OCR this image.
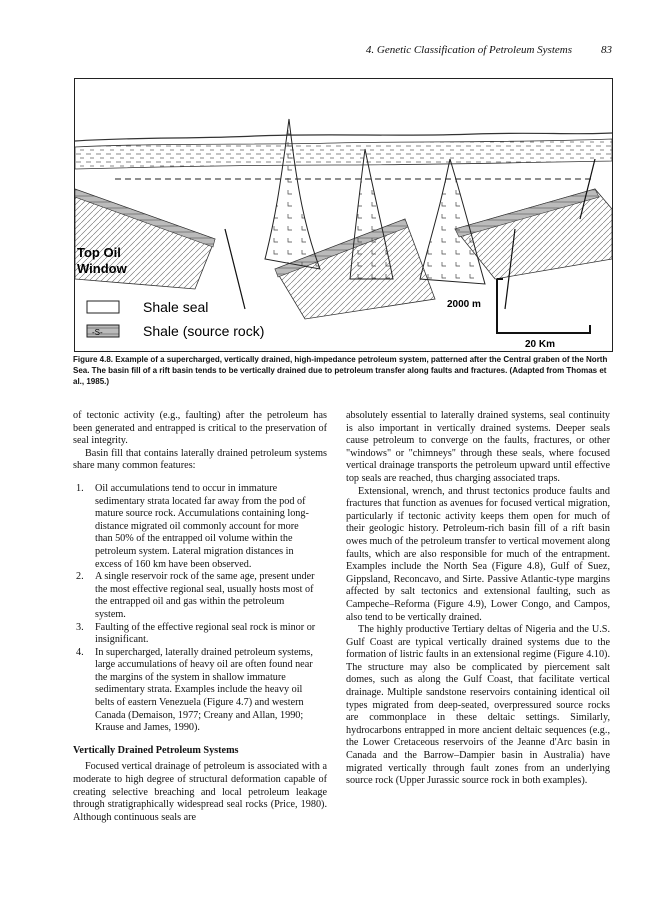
4. Genetic Classification of Petroleum Systems	83
Top Oil
Window
Shale seal
-S-	Shale (source rock)
2000 m
20 Km
Figure 4.8. Example of a supercharged, vertically drained, high-impedance petroleum system, patterned after the Central graben of the North Sea. The basin fill of a rift basin tends to be vertically drained due to petroleum transfer along faults and fractures. (Adapted from Thomas et al., 1985.)

of tectonic activity (e.g., faulting) after the petroleum has been generated and entrapped is critical to the preservation of seal integrity.

Basin fill that contains laterally drained petroleum systems share many common features:

1. Oil accumulations tend to occur in immature sedimentary strata located far away from the pod of mature source rock. Accumulations containing long-distance migrated oil commonly account for more than 50% of the entrapped oil volume within the petroleum system. Lateral migration distances in excess of 160 km have been observed.
2. A single reservoir rock of the same age, present under the most effective regional seal, usually hosts most of the entrapped oil and gas within the petroleum system.
3. Faulting of the effective regional seal rock is minor or insignificant.
4. In supercharged, laterally drained petroleum systems, large accumulations of heavy oil are often found near the margins of the system in shallow immature sedimentary strata. Examples include the heavy oil belts of eastern Venezuela (Figure 4.7) and western Canada (Demaison, 1977; Creany and Allan, 1990; Krause and James, 1990).
Vertically Drained Petroleum Systems

Focused vertical drainage of petroleum is associated with a moderate to high degree of structural deformation capable of creating selective breaching and local petroleum leakage through stratigraphically widespread seal rocks (Price, 1980). Although continuous seals are

absolutely essential to laterally drained systems, seal continuity is also important in vertically drained systems. Deeper seals cause petroleum to converge on the faults, fractures, or other "windows" or "chimneys" through these seals, where focused vertical drainage transports the petroleum upward until effective top seals are reached, thus charging associated traps.

Extensional, wrench, and thrust tectonics produce faults and fractures that function as avenues for focused vertical migration, particularly if tectonic activity keeps them open for much of their geologic history. Petroleum-rich basin fill of a rift basin owes much of the petroleum transfer to vertical movement along faults, which are also responsible for much of the entrapment. Examples include the North Sea (Figure 4.8), Gulf of Suez, Gippsland, Reconcavo, and Sirte. Passive Atlantic-type margins affected by salt tectonics and extensional faulting, such as Campeche–Reforma (Figure 4.9), Lower Congo, and Campos, also tend to be vertically drained.

The highly productive Tertiary deltas of Nigeria and the U.S. Gulf Coast are typical vertically drained systems due to the formation of listric faults in an extensional regime (Figure 4.10). The structure may also be complicated by piercement salt domes, such as along the Gulf Coast, that facilitate vertical drainage. Multiple sandstone reservoirs containing identical oil types migrated from deep-seated, overpressured source rocks are commonplace in these deltaic settings. Similarly, hydrocarbons entrapped in more ancient deltaic sequences (e.g., the Lower Cretaceous reservoirs of the Jeanne d'Arc basin in Canada and the Barrow–Dampier basin in Australia) have migrated vertically through fault zones from an underlying source rock (Upper Jurassic source rock in both examples).
